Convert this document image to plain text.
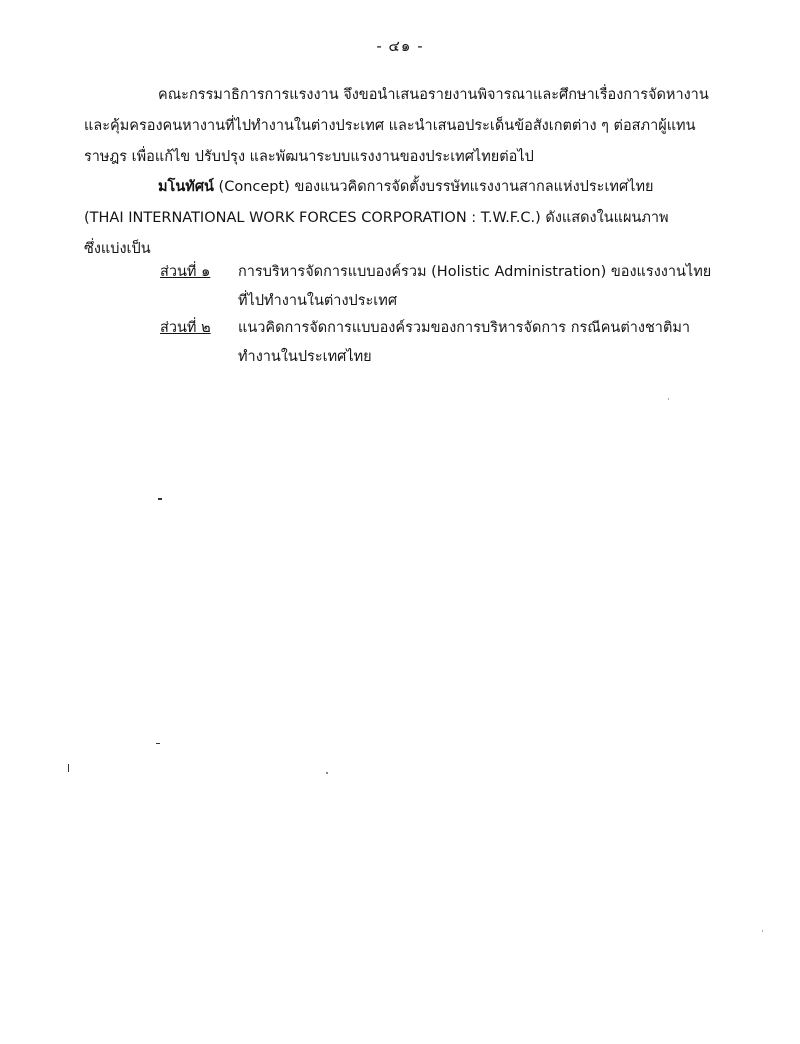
- ๔๑ -
คณะกรรมาธิการการแรงงาน จึงขอนำเสนอรายงานพิจารณาและศึกษาเรื่องการจัดหางาน
และคุ้มครองคนหางานที่ไปทำงานในต่างประเทศ และนำเสนอประเด็นข้อสังเกตต่าง ๆ ต่อสภาผู้แทน
ราษฎร เพื่อแก้ไข ปรับปรุง และพัฒนาระบบแรงงานของประเทศไทยต่อไป
มโนทัศน์ (Concept) ของแนวคิดการจัดตั้งบรรษัทแรงงานสากลแห่งประเทศไทย
(THAI INTERNATIONAL WORK FORCES CORPORATION : T.W.F.C.) ดังแสดงในแผนภาพ
ซึ่งแบ่งเป็น
ส่วนที่ ๑ การบริหารจัดการแบบองค์รวม (Holistic Administration) ของแรงงานไทย
ที่ไปทำงานในต่างประเทศ
ส่วนที่ ๒ แนวคิดการจัดการแบบองค์รวมของการบริหารจัดการ กรณีคนต่างชาติมา
ทำงานในประเทศไทย
